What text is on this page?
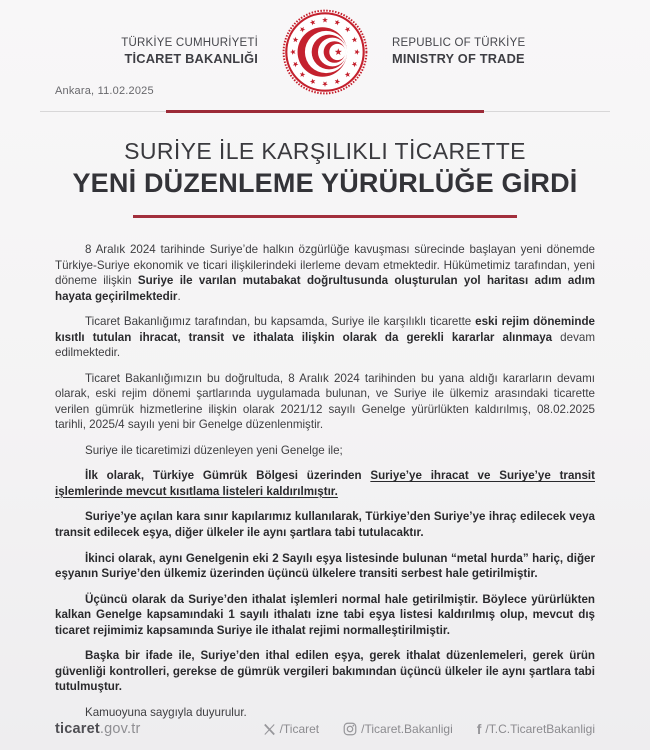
TÜRKİYE CUMHURİYETİ
TİCARET BAKANLIĞI
REPUBLIC OF TÜRKİYE
MINISTRY OF TRADE
Ankara, 11.02.2025
SURİYE İLE KARŞILIKLI TİCARETTE
YENİ DÜZENLEME YÜRÜRLÜĞE GİRDİ

8 Aralık 2024 tarihinde Suriye’de halkın özgürlüğe kavuşması sürecinde başlayan yeni dönemde Türkiye-Suriye ekonomik ve ticari ilişkilerindeki ilerleme devam etmektedir. Hükümetimiz tarafından, yeni döneme ilişkin Suriye ile varılan mutabakat doğrultusunda oluşturulan yol haritası adım adım hayata geçirilmektedir.

Ticaret Bakanlığımız tarafından, bu kapsamda, Suriye ile karşılıklı ticarette eski rejim döneminde kısıtlı tutulan ihracat, transit ve ithalata ilişkin olarak da gerekli kararlar alınmaya devam edilmektedir.

Ticaret Bakanlığımızın bu doğrultuda, 8 Aralık 2024 tarihinden bu yana aldığı kararların devamı olarak, eski rejim dönemi şartlarında uygulamada bulunan, ve Suriye ile ülkemiz arasındaki ticarette verilen gümrük hizmetlerine ilişkin olarak 2021/12 sayılı Genelge yürürlükten kaldırılmış, 08.02.2025 tarihli, 2025/4 sayılı yeni bir Genelge düzenlenmiştir.

Suriye ile ticaretimizi düzenleyen yeni Genelge ile;

İlk olarak, Türkiye Gümrük Bölgesi üzerinden Suriye’ye ihracat ve Suriye’ye transit işlemlerinde mevcut kısıtlama listeleri kaldırılmıştır.

Suriye’ye açılan kara sınır kapılarımız kullanılarak, Türkiye’den Suriye’ye ihraç edilecek veya transit edilecek eşya, diğer ülkeler ile aynı şartlara tabi tutulacaktır.

İkinci olarak, aynı Genelgenin eki 2 Sayılı eşya listesinde bulunan “metal hurda” hariç, diğer eşyanın Suriye’den ülkemiz üzerinden üçüncü ülkelere transiti serbest hale getirilmiştir.

Üçüncü olarak da Suriye’den ithalat işlemleri normal hale getirilmiştir. Böylece yürürlükten kalkan Genelge kapsamındaki 1 sayılı ithalatı izne tabi eşya listesi kaldırılmış olup, mevcut dış ticaret rejimimiz kapsamında Suriye ile ithalat rejimi normalleştirilmiştir.

Başka bir ifade ile, Suriye’den ithal edilen eşya, gerek ithalat düzenlemeleri, gerek ürün güvenliği kontrolleri, gerekse de gümrük vergileri bakımından üçüncü ülkeler ile aynı şartlara tabi tutulmuştur.

Kamuoyuna saygıyla duyurulur.

ticaret.gov.tr	/Ticaret	/Ticaret.Bakanligi f /T.C.TicaretBakanligi
